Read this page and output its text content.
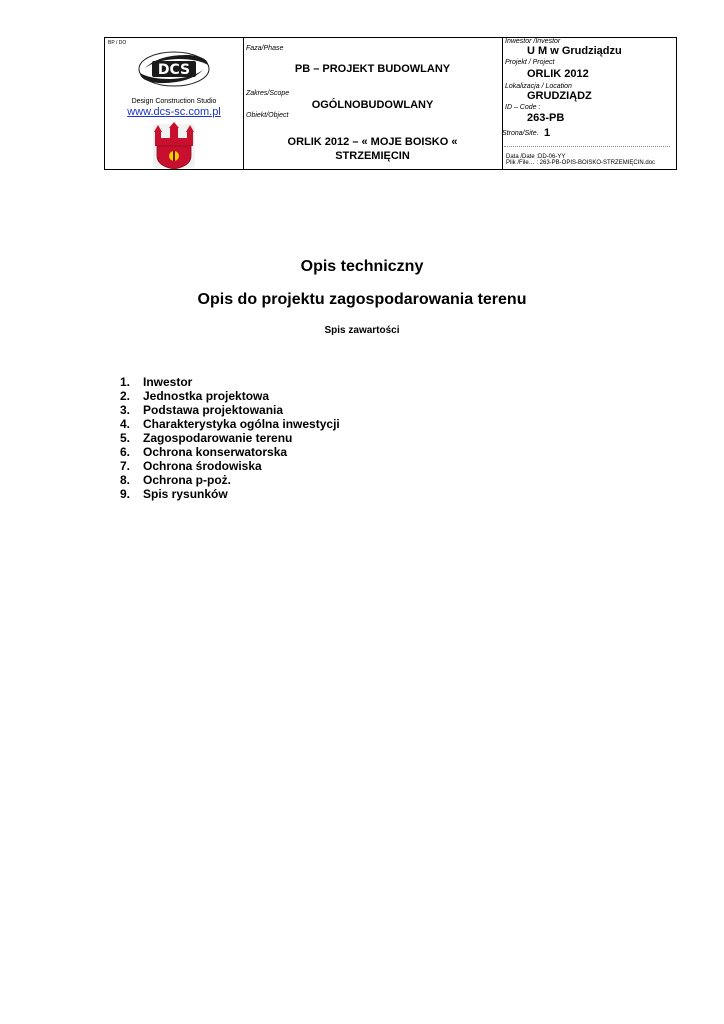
BP / DO
DCS
Design Construction Studio
www.dcs-sc.com.pl
Faza/Phase
PB – PROJEKT BUDOWLANY
Zakres/Scope
OGÓLNOBUDOWLANY
Obiekt/Object
ORLIK 2012 – « MOJE BOISKO «
STRZEMIĘCIN
Inwestor /Investor
U M w Grudziądzu
Projekt / Project
ORLIK 2012
Lokalizacja / Location
GRUDZIĄDZ
ID – Code :
263-PB
Strona/Site. 1
Data /Date :DD-06-YY
Plik /File… : 263-PB-OPIS-BOISKO-STRZEMIĘCIN.doc
Opis techniczny
Opis do projektu zagospodarowania terenu
Spis zawartości
1. Inwestor
2. Jednostka projektowa
3. Podstawa projektowania
4. Charakterystyka ogólna inwestycji
5. Zagospodarowanie terenu
6. Ochrona konserwatorska
7. Ochrona środowiska
8. Ochrona p-poż.
9. Spis rysunków
